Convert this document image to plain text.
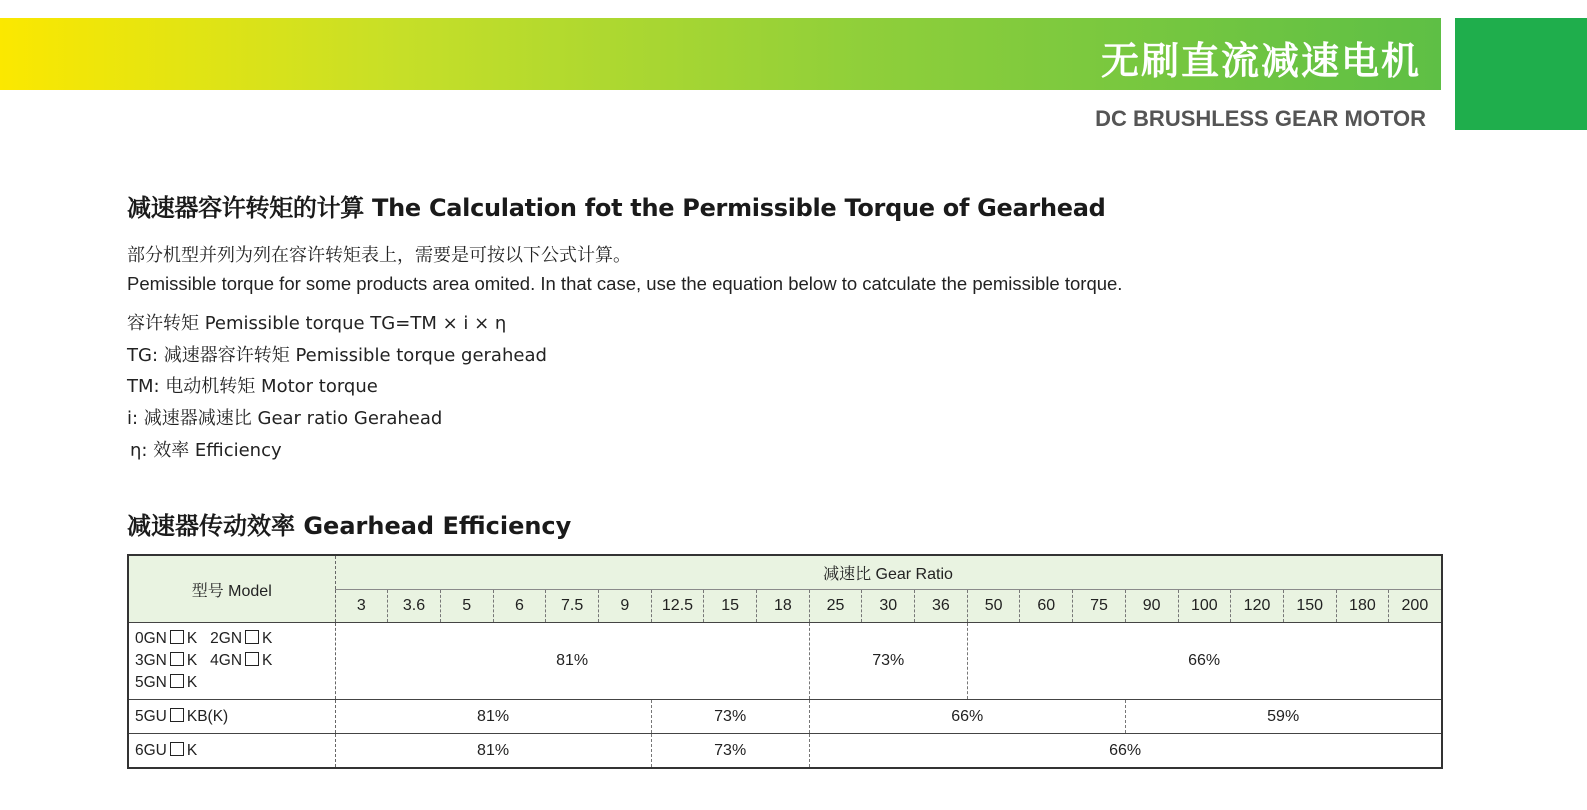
无刷直流减速电机
DC BRUSHLESS GEAR MOTOR
减速器容许转矩的计算 The Calculation fot the Permissible Torque of Gearhead
部分机型并列为列在容许转矩表上，需要是可按以下公式计算。
Pemissible torque for some products area omited. In that case, use the equation below to catculate the pemissible torque.
容许转矩 Pemissible torque TG=TM × i × η
TG: 减速器容许转矩 Pemissible torque gerahead
TM: 电动机转矩 Motor torque
i: 减速器减速比 Gear ratio Gerahead
η: 效率 Efficiency
减速器传动效率 Gearhead Efficiency
型号 Model	减速比 Gear Ratio																				
	3	3.6	5	6	7.5	9	12.5	15	18	25	30	36	50	60	75	90	100	120	150	180	200
0GN K 2GN K
3GN K 4GN K
5GN K	81%									73%			66%								
5GU KB(K)	81%						73%			66%						59%					
6GU K	81%						73%			66%											
